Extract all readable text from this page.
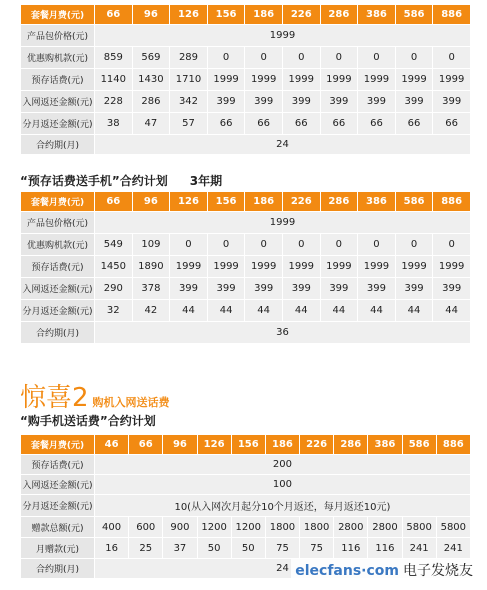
套餐月费(元)	66	96	126	156	186	226	286	386	586	886
产品包价格(元)	1999									
优惠购机款(元)	859	569	289	0	0	0	0	0	0	0
预存话费(元)	1140	1430	1710	1999	1999	1999	1999	1999	1999	1999
入网返还金额(元)	228	286	342	399	399	399	399	399	399	399
分月返还金额(元)	38	47	57	66	66	66	66	66	66	66
合约期(月)	24									
“预存话费送手机”合约计划 3年期
套餐月费(元)	66	96	126	156	186	226	286	386	586	886
产品包价格(元)	1999									
优惠购机款(元)	549	109	0	0	0	0	0	0	0	0
预存话费(元)	1450	1890	1999	1999	1999	1999	1999	1999	1999	1999
入网返还金额(元)	290	378	399	399	399	399	399	399	399	399
分月返还金额(元)	32	42	44	44	44	44	44	44	44	44
合约期(月)	36									
惊喜2 购机入网送话费
“购手机送话费”合约计划
套餐月费(元)	46	66	96	126	156	186	226	286	386	586	886
预存话费(元)	200										
入网返还金额(元)	100										
分月返还金额(元)	10(从入网次月起分10个月返还，每月返还10元)										
赠款总额(元)	400	600	900	1200	1200	1800	1800	2800	2800	5800	5800
月赠款(元)	16	25	37	50	50	75	75	116	116	241	241
合约期(月)	24										elecfans·com 电子发烧友
